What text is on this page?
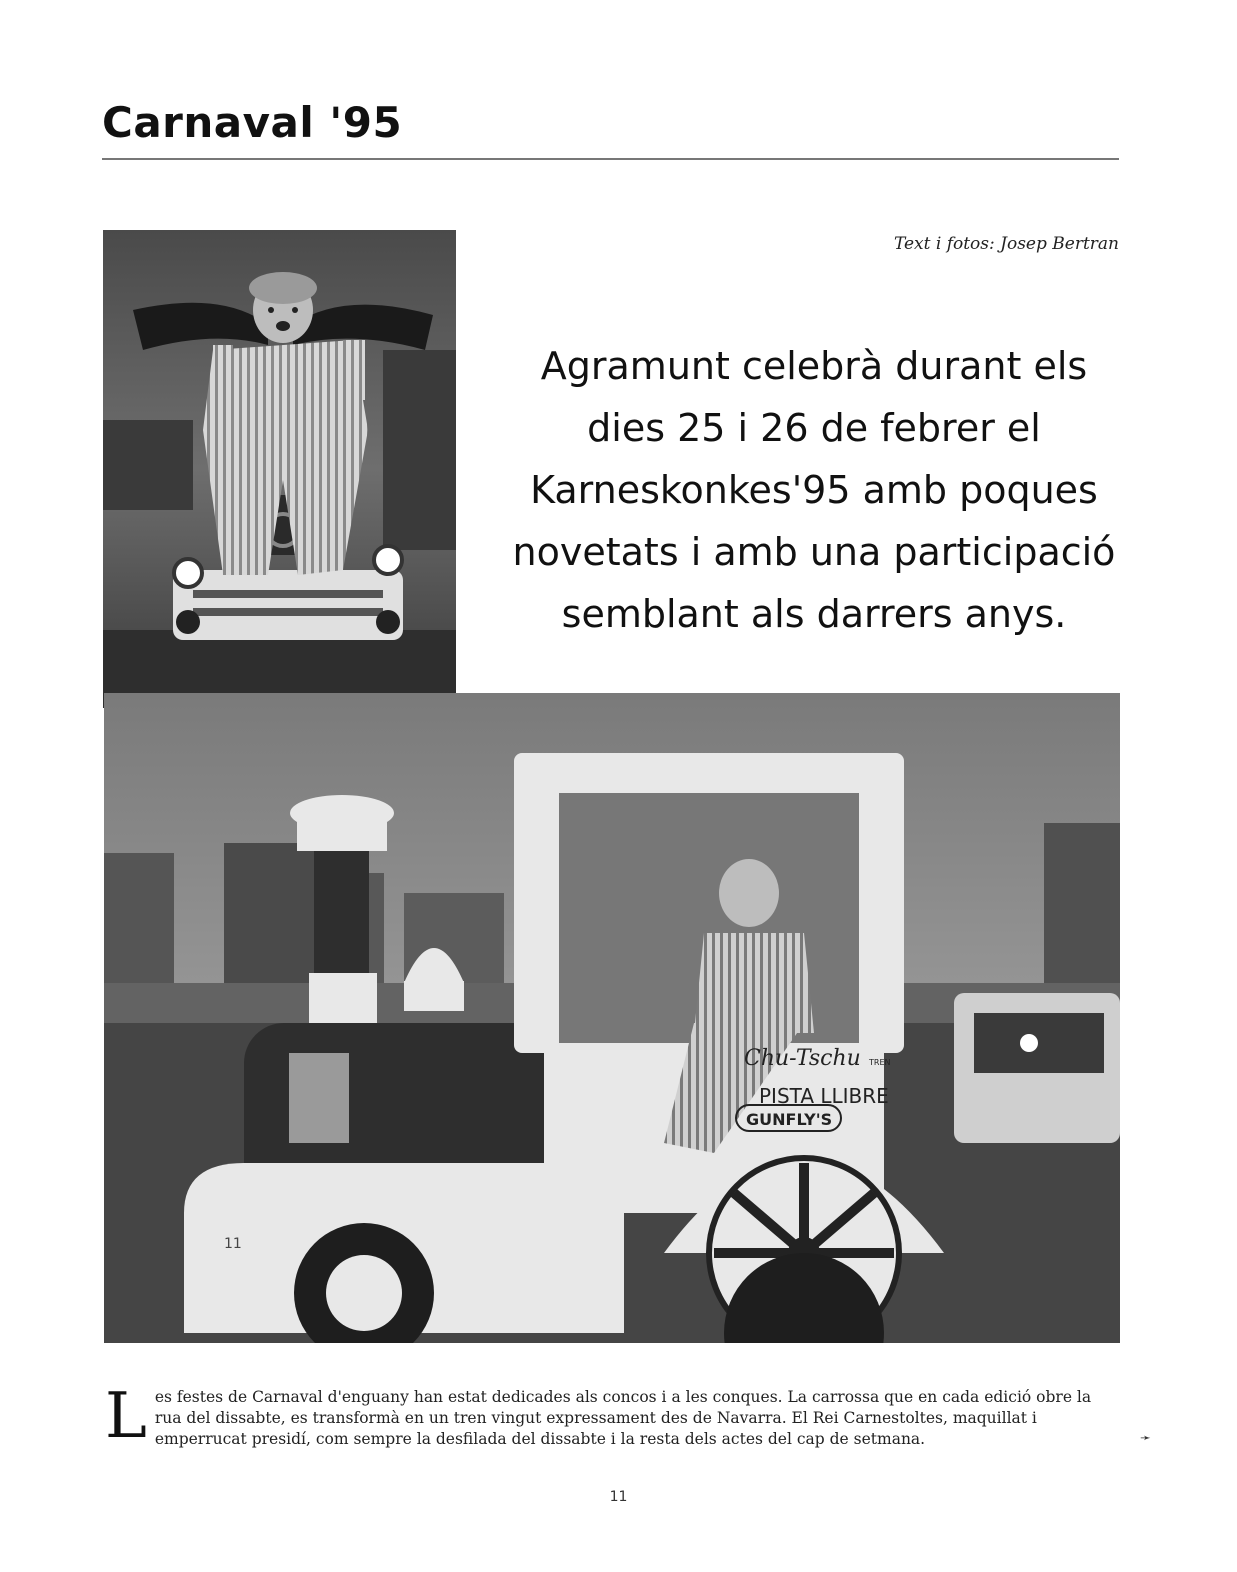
Carnaval '95
Text i fotos: Josep Bertran

Agramunt celebrà durant els dies 25 i 26 de febrer el Karneskonkes'95 amb poques novetats i amb una participació semblant als darrers anys.

Chu-Tschu TREN
PISTA LLIBRE
GUNFLY'S
11
Les festes de Carnaval d'enguany han estat dedicades als concos i a les conques. La carrossa que en cada edició obre la rua del dissabte, es transformà en un tren vingut expressament des de Navarra. El Rei Carnestoltes, maquillat i emperrucat presidí, com sempre la desfilada del dissabte i la resta dels actes del cap de setmana.	➛
11
